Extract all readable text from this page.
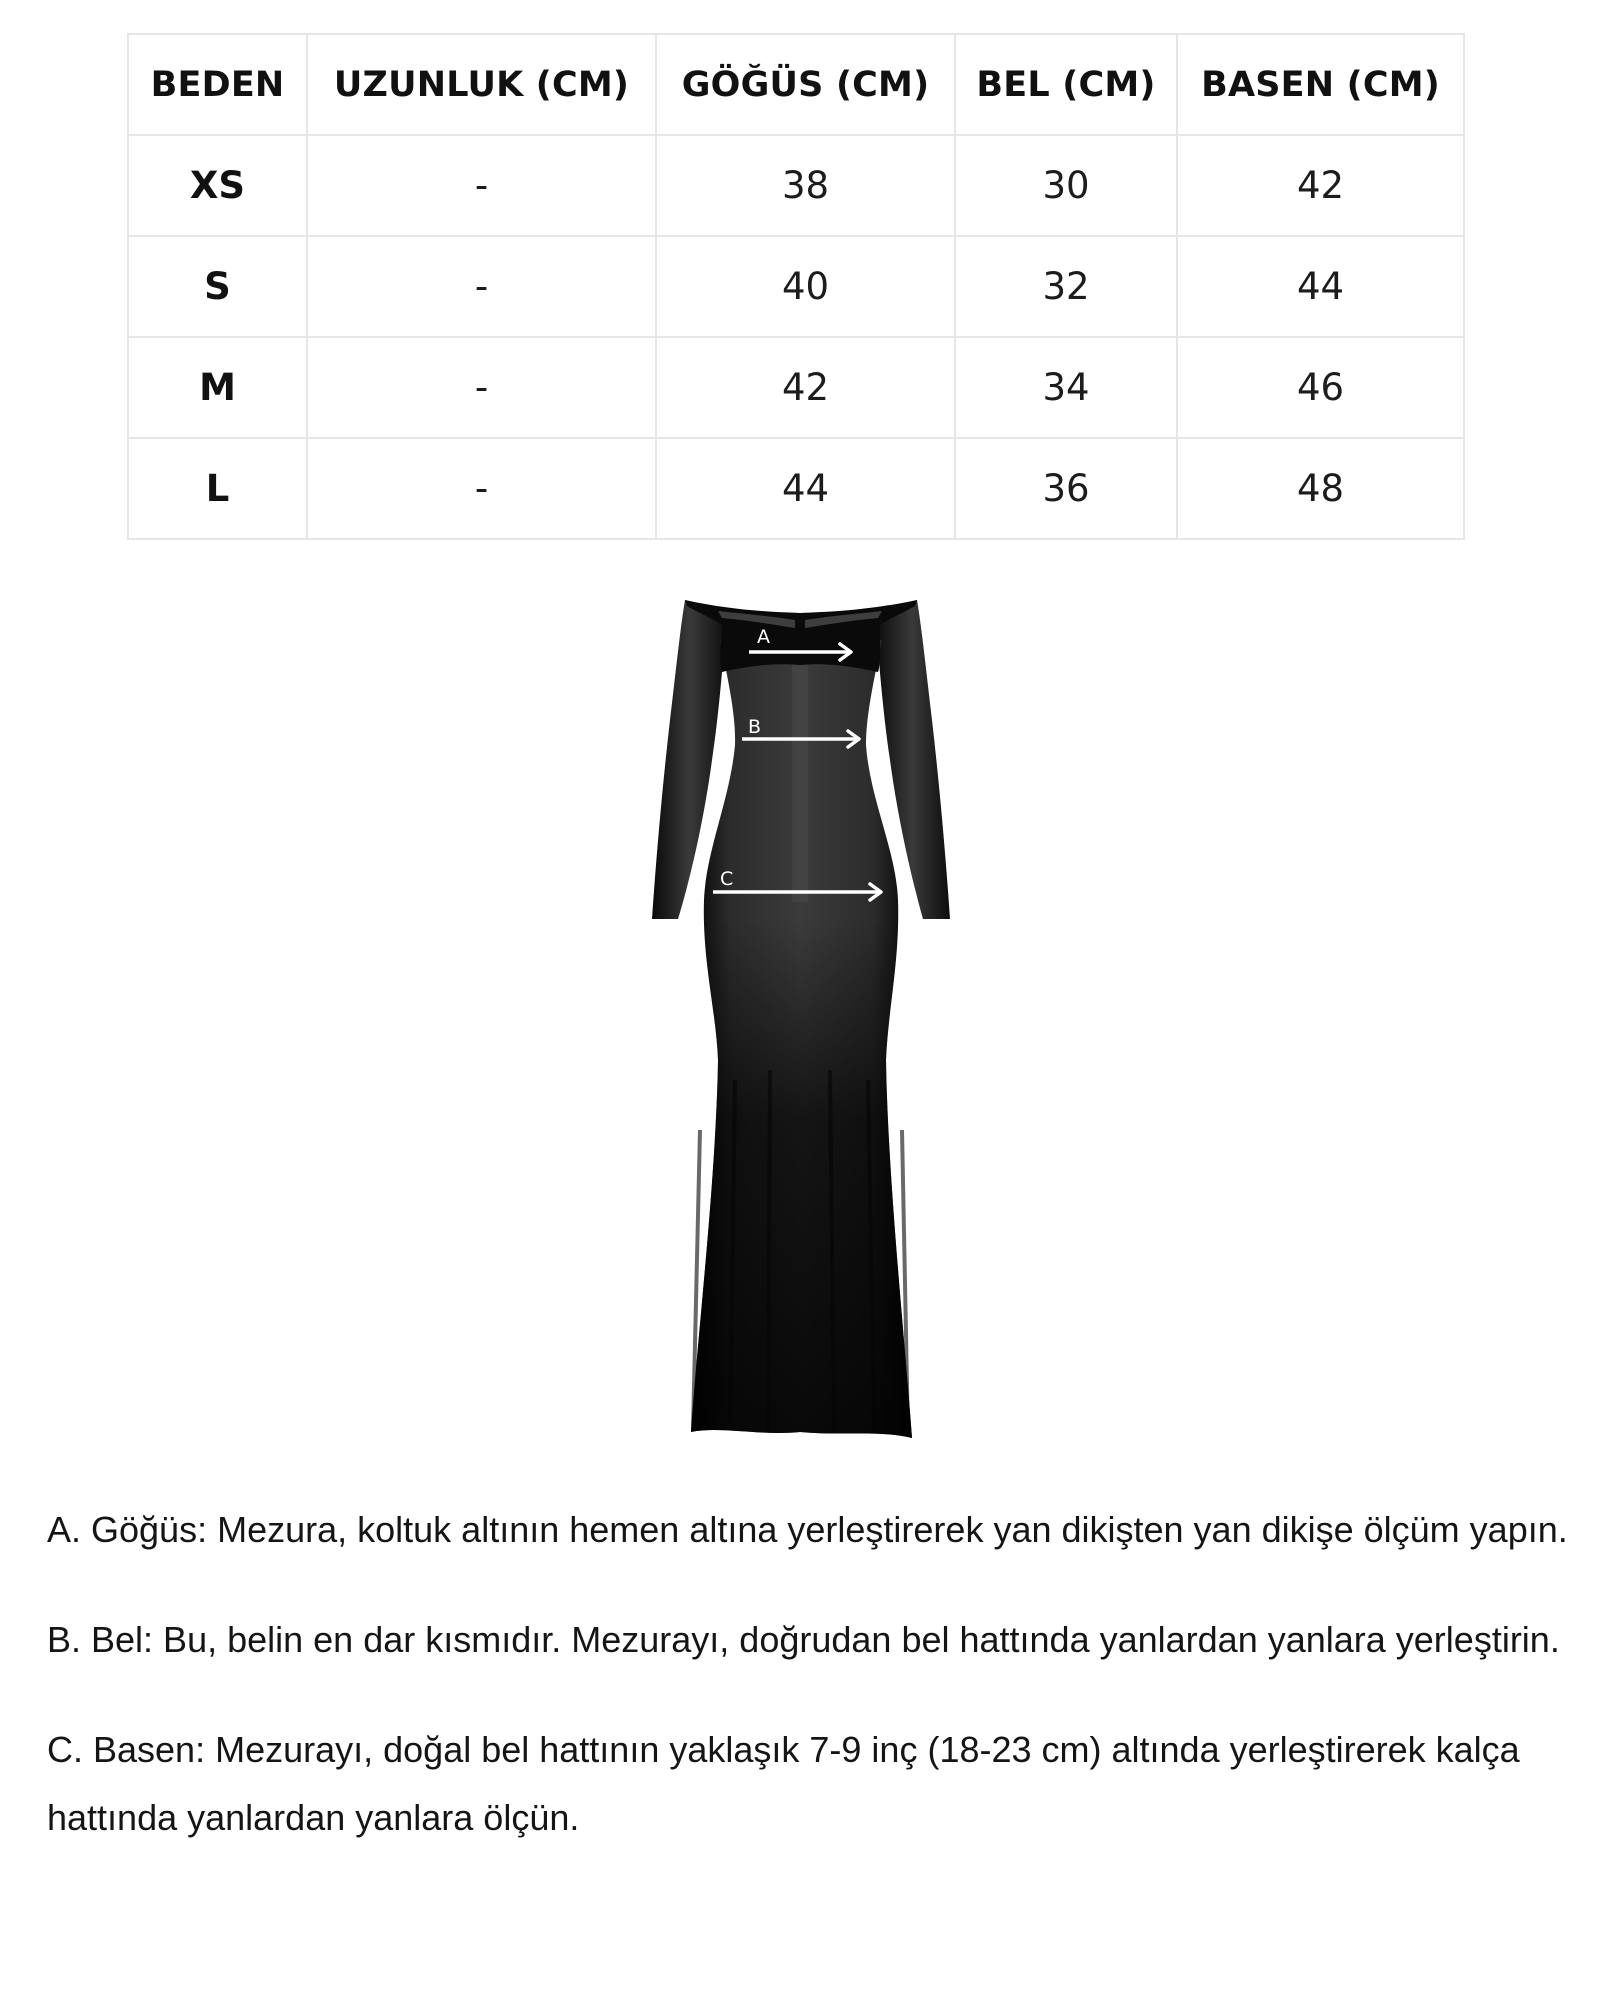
BEDEN	UZUNLUK (CM)	GÖĞÜS (CM)	BEL (CM)	BASEN (CM)
XS	-	38	30	42
S	-	40	32	44
M	-	42	34	46
L	-	44	36	48
A
B
C

A. Göğüs: Mezura, koltuk altının hemen altına yerleştirerek yan dikişten yan dikişe ölçüm yapın.

B. Bel: Bu, belin en dar kısmıdır. Mezurayı, doğrudan bel hattında yanlardan yanlara yerleştirin.

C. Basen: Mezurayı, doğal bel hattının yaklaşık 7-9 inç (18-23 cm) altında yerleştirerek kalça hattında yanlardan yanlara ölçün.
